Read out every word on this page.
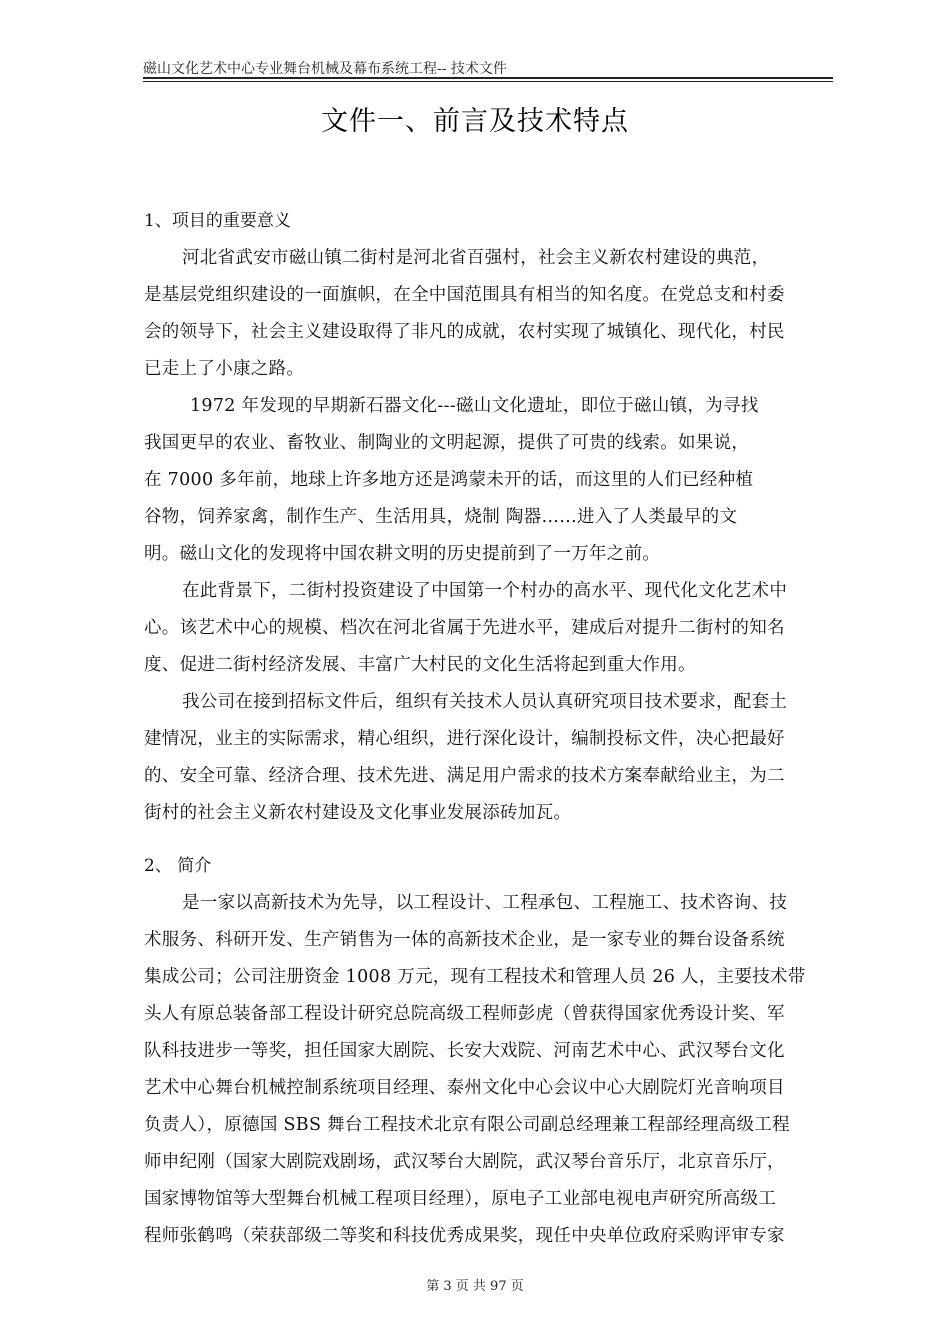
磁山文化艺术中心专业舞台机械及幕布系统工程-- 技术文件
文件一、前言及技术特点
1、项目的重要意义
河北省武安市磁山镇二街村是河北省百强村，社会主义新农村建设的典范，
是基层党组织建设的一面旗帜，在全中国范围具有相当的知名度。在党总支和村委
会的领导下，社会主义建设取得了非凡的成就，农村实现了城镇化、现代化，村民
已走上了小康之路。
1972 年发现的早期新石器文化---磁山文化遗址，即位于磁山镇，为寻找
我国更早的农业、畜牧业、制陶业的文明起源，提供了可贵的线索。如果说，
在 7000 多年前，地球上许多地方还是鸿蒙未开的话，而这里的人们已经种植
谷物，饲养家禽，制作生产、生活用具，烧制 陶器……进入了人类最早的文
明。磁山文化的发现将中国农耕文明的历史提前到了一万年之前。
在此背景下，二街村投资建设了中国第一个村办的高水平、现代化文化艺术中
心。该艺术中心的规模、档次在河北省属于先进水平，建成后对提升二街村的知名
度、促进二街村经济发展、丰富广大村民的文化生活将起到重大作用。
我公司在接到招标文件后，组织有关技术人员认真研究项目技术要求，配套土
建情况，业主的实际需求，精心组织，进行深化设计，编制投标文件，决心把最好
的、安全可靠、经济合理、技术先进、满足用户需求的技术方案奉献给业主，为二
街村的社会主义新农村建设及文化事业发展添砖加瓦。
2、 简介
是一家以高新技术为先导，以工程设计、工程承包、工程施工、技术咨询、技
术服务、科研开发、生产销售为一体的高新技术企业，是一家专业的舞台设备系统
集成公司；公司注册资金 1008 万元，现有工程技术和管理人员 26 人，主要技术带
头人有原总装备部工程设计研究总院高级工程师彭虎（曾获得国家优秀设计奖、军
队科技进步一等奖，担任国家大剧院、长安大戏院、河南艺术中心、武汉琴台文化
艺术中心舞台机械控制系统项目经理、泰州文化中心会议中心大剧院灯光音响项目
负责人），原德国 SBS 舞台工程技术北京有限公司副总经理兼工程部经理高级工程
师申纪刚（国家大剧院戏剧场，武汉琴台大剧院，武汉琴台音乐厅，北京音乐厅，
国家博物馆等大型舞台机械工程项目经理），原电子工业部电视电声研究所高级工
程师张鹤鸣（荣获部级二等奖和科技优秀成果奖，现任中央单位政府采购评审专家
第 3 页 共 97 页
